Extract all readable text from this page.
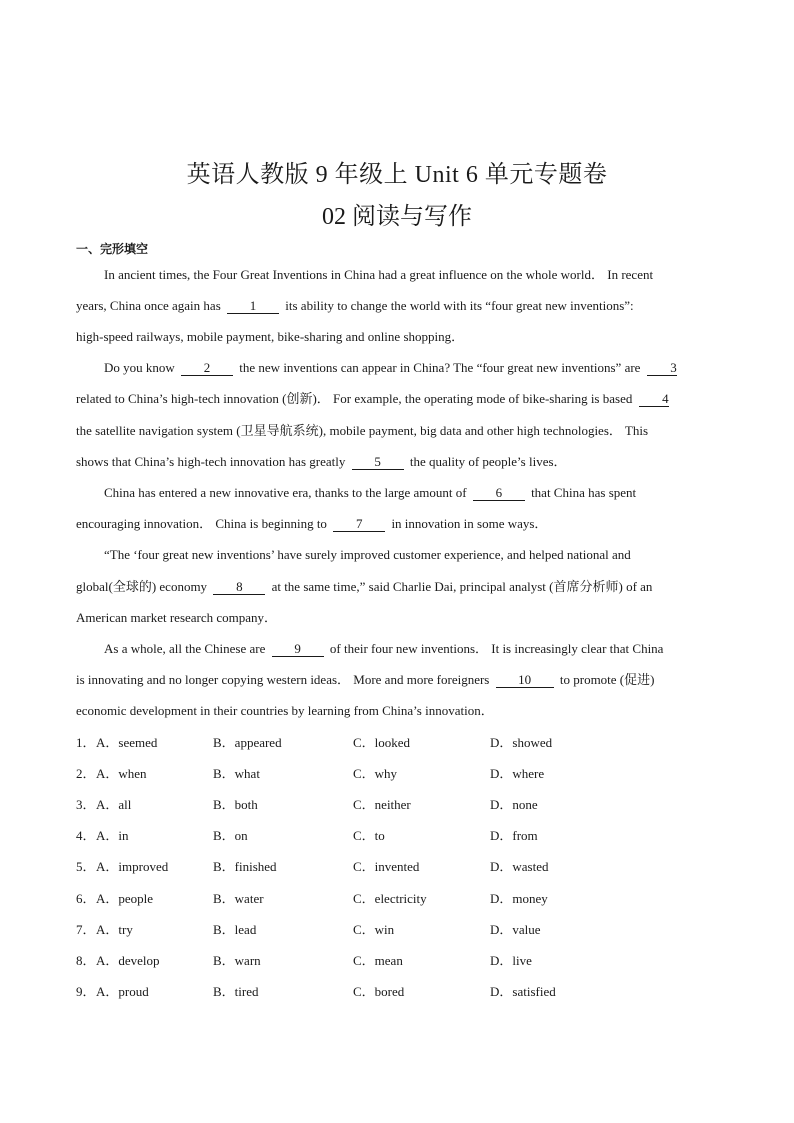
英语人教版 9 年级上 Unit 6 单元专题卷
02 阅读与写作
一、完形填空
In ancient times, the Four Great Inventions in China had a great influence on the whole world． In recent
years, China once again has 1 its ability to change the world with its “four great new inventions”:
high-speed railways, mobile payment, bike-sharing and online shopping．
Do you know 2 the new inventions can appear in China? The “four great new inventions” are 3
related to China’s high-tech innovation (创新)． For example, the operating mode of bike-sharing is based 4
the satellite navigation system (卫星导航系统), mobile payment, big data and other high technologies． This
shows that China’s high-tech innovation has greatly 5 the quality of people’s lives．
China has entered a new innovative era, thanks to the large amount of 6 that China has spent
encouraging innovation． China is beginning to 7 in innovation in some ways．
“The ‘four great new inventions’ have surely improved customer experience, and helped national and
global(全球的) economy 8 at the same time,” said Charlie Dai, principal analyst (首席分析师) of an
American market research company．
As a whole, all the Chinese are 9 of their four new inventions． It is increasingly clear that China
is innovating and no longer copying western ideas． More and more foreigners 10 to promote (促进)
economic development in their countries by learning from China’s innovation．
1． A．seemed	B．appeared	C．looked	D．showed
2． A．when	B．what	C．why	D．where
3． A．all	B．both	C．neither	D．none
4． A．in	B．on	C．to	D．from
5． A．improved	B．finished	C．invented	D．wasted
6． A．people	B．water	C．electricity	D．money
7． A．try	B．lead	C．win	D．value
8． A．develop	B．warn	C．mean	D．live
9． A．proud	B．tired	C．bored	D．satisfied
